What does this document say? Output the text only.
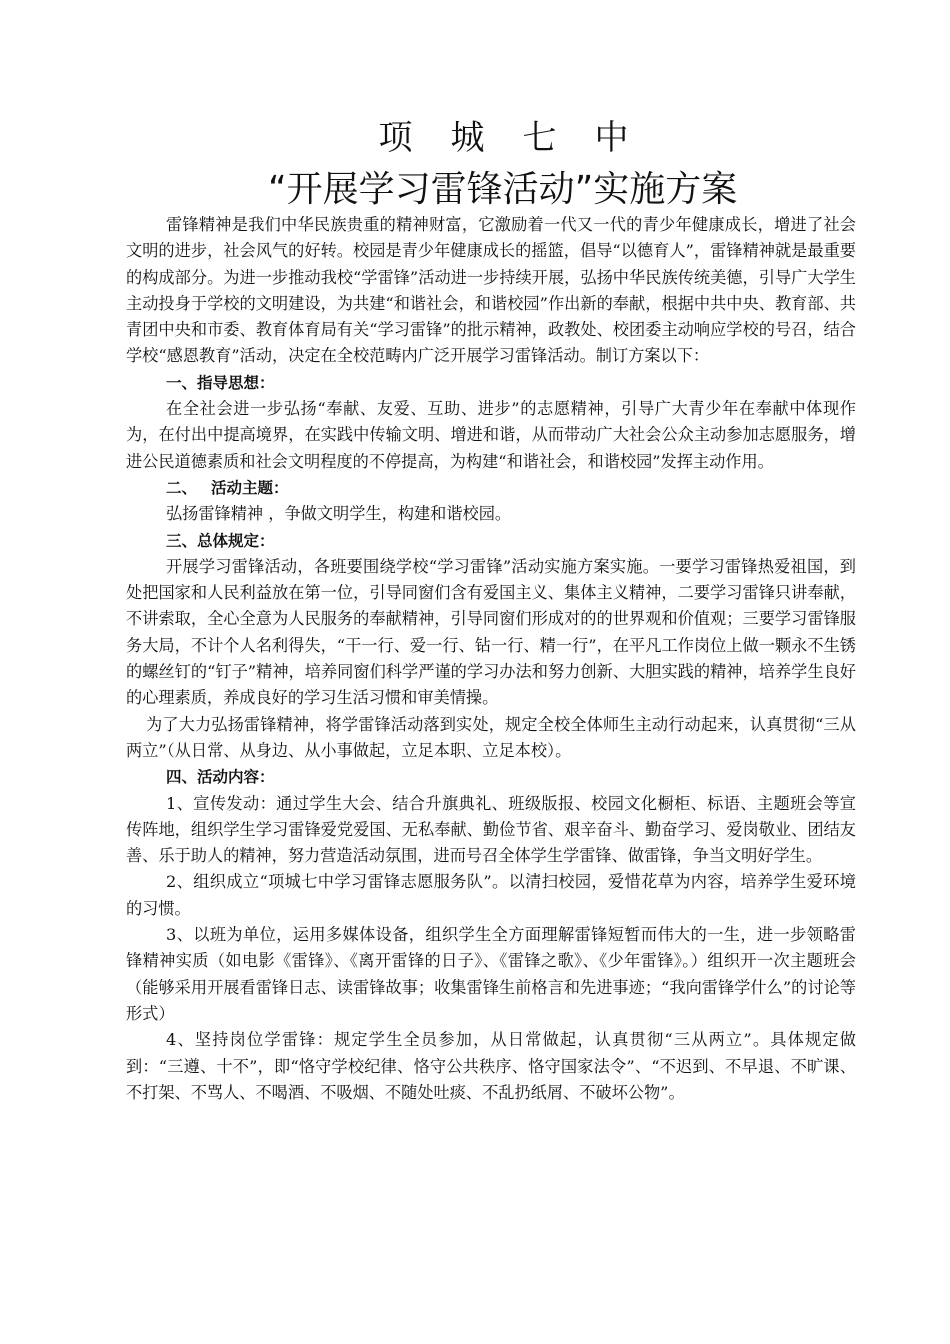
项城七中
“开展学习雷锋活动”实施方案

雷锋精神是我们中华民族贵重的精神财富，它激励着一代又一代的青少年健康成长，增进了社会文明的进步，社会风气的好转。校园是青少年健康成长的摇篮，倡导“以德育人”，雷锋精神就是最重要的构成部分。为进一步推动我校“学雷锋”活动进一步持续开展，弘扬中华民族传统美德，引导广大学生主动投身于学校的文明建设，为共建“和谐社会，和谐校园”作出新的奉献，根据中共中央、教育部、共青团中央和市委、教育体育局有关“学习雷锋”的批示精神，政教处、校团委主动响应学校的号召，结合学校“感恩教育”活动，决定在全校范畴内广泛开展学习雷锋活动。制订方案以下：

一、指导思想：

在全社会进一步弘扬“奉献、友爱、互助、进步”的志愿精神，引导广大青少年在奉献中体现作为，在付出中提高境界，在实践中传输文明、增进和谐，从而带动广大社会公众主动参加志愿服务，增进公民道德素质和社会文明程度的不停提高，为构建“和谐社会，和谐校园”发挥主动作用。

二、 活动主题：

弘扬雷锋精神 ，争做文明学生，构建和谐校园。

三、总体规定：

开展学习雷锋活动，各班要围绕学校“学习雷锋”活动实施方案实施。一要学习雷锋热爱祖国，到处把国家和人民利益放在第一位，引导同窗们含有爱国主义、集体主义精神，二要学习雷锋只讲奉献，不讲索取，全心全意为人民服务的奉献精神，引导同窗们形成对的的世界观和价值观；三要学习雷锋服务大局，不计个人名利得失，“干一行、爱一行、钻一行、精一行”，在平凡工作岗位上做一颗永不生锈的螺丝钉的“钉子”精神，培养同窗们科学严谨的学习办法和努力创新、大胆实践的精神，培养学生良好的心理素质，养成良好的学习生活习惯和审美情操。

为了大力弘扬雷锋精神，将学雷锋活动落到实处，规定全校全体师生主动行动起来，认真贯彻“三从两立”（从日常、从身边、从小事做起，立足本职、立足本校）。

四、活动内容：

1、宣传发动：通过学生大会、结合升旗典礼、班级版报、校园文化橱柜、标语、主题班会等宣传阵地，组织学生学习雷锋爱党爱国、无私奉献、勤俭节省、艰辛奋斗、勤奋学习、爱岗敬业、团结友善、乐于助人的精神，努力营造活动氛围，进而号召全体学生学雷锋、做雷锋，争当文明好学生。

2、组织成立“项城七中学习雷锋志愿服务队”。以清扫校园，爱惜花草为内容，培养学生爱环境的习惯。

3、以班为单位，运用多媒体设备，组织学生全方面理解雷锋短暂而伟大的一生，进一步领略雷锋精神实质（如电影《雷锋》、《离开雷锋的日子》、《雷锋之歌》、《少年雷锋》。）组织开一次主题班会（能够采用开展看雷锋日志、读雷锋故事；收集雷锋生前格言和先进事迹；“我向雷锋学什么”的讨论等形式）

4、坚持岗位学雷锋：规定学生全员参加，从日常做起，认真贯彻“三从两立”。具体规定做到：“三遵、十不”，即“恪守学校纪律、恪守公共秩序、恪守国家法令”、“不迟到、不早退、不旷课、不打架、不骂人、不喝酒、不吸烟、不随处吐痰、不乱扔纸屑、不破坏公物”。
